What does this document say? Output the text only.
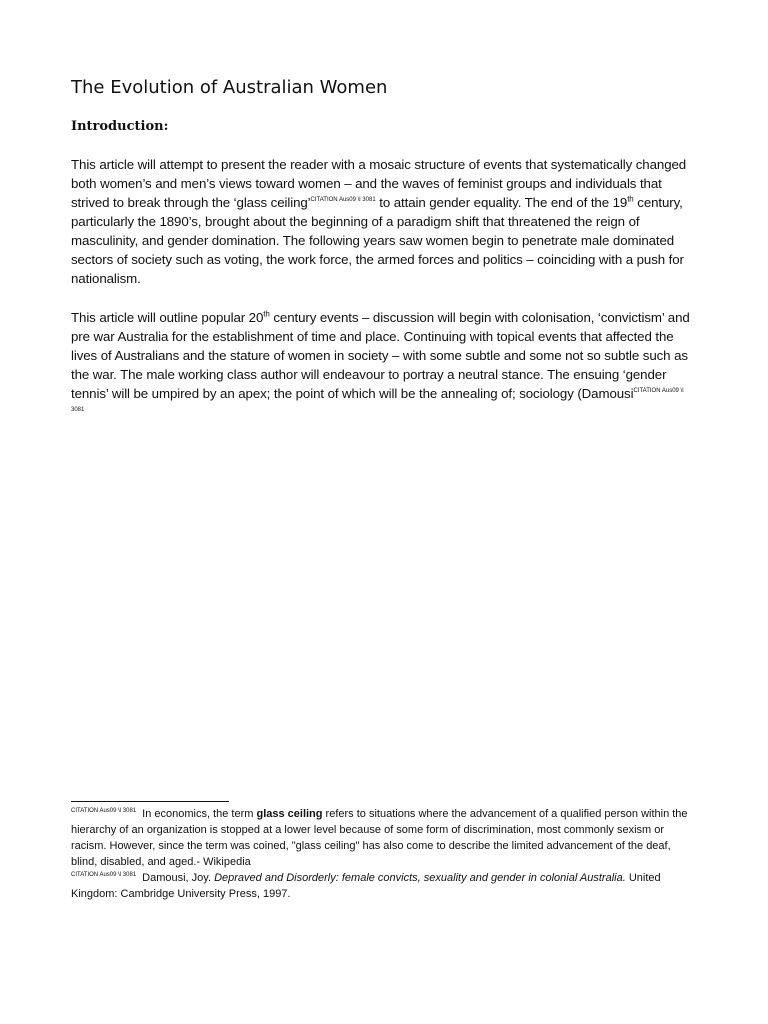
The Evolution of Australian Women
Introduction:

This article will attempt to present the reader with a mosaic structure of events that systematically changed both women’s and men’s views toward women – and the waves of feminist groups and individuals that strived to break through the ‘glass ceiling’$^{CITATION Aus09 \backslash l 3081}$ to attain gender equality. The end of the 19th century, particularly the 1890’s, brought about the beginning of a paradigm shift that threatened the reign of masculinity, and gender domination. The following years saw women begin to penetrate male dominated sectors of society such as voting, the work force, the armed forces and politics – coinciding with a push for nationalism.

This article will outline popular 20th century events – discussion will begin with colonisation, ‘convictism’ and pre war Australia for the establishment of time and place. Continuing with topical events that affected the lives of Australians and the stature of women in society – with some subtle and some not so subtle such as the war. The male working class author will endeavour to portray a neutral stance. The ensuing ‘gender tennis’ will be umpired by an apex; the point of which will be the annealing of; sociology (Damousi$^{CITATION Aus09 \backslash l 3081}$

$^{CITATION Aus09 \backslash l 3081}$ In economics, the term glass ceiling refers to situations where the advancement of a qualified person within the hierarchy of an organization is stopped at a lower level because of some form of discrimination, most commonly sexism or racism. However, since the term was coined, "glass ceiling" has also come to describe the limited advancement of the deaf, blind, disabled, and aged.- Wikipedia

$^{CITATION Aus09 \backslash l 3081}$ Damousi, Joy. Depraved and Disorderly: female convicts, sexuality and gender in colonial Australia. United Kingdom: Cambridge University Press, 1997.
